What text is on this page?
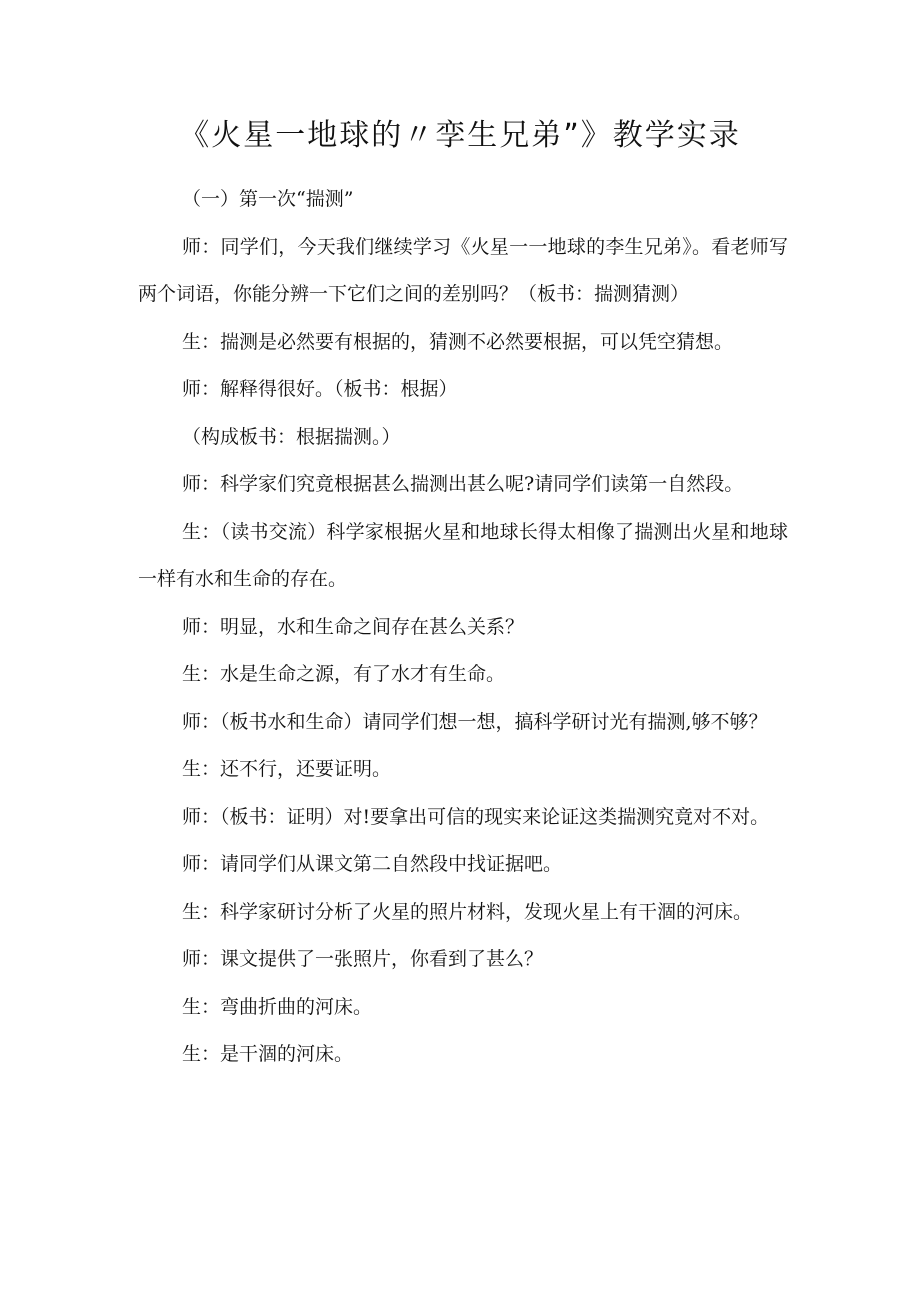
《火星一地球的〃孪生兄弟”》教学实录

（一）第一次“揣测”

师：同学们，今天我们继续学习《火星一一地球的李生兄弟》。看老师写两个词语，你能分辨一下它们之间的差别吗？（板书：揣测猜测）

生：揣测是必然要有根据的，猜测不必然要根据，可以凭空猜想。

师：解释得很好。（板书：根据）

（构成板书：根据揣测。）

师：科学家们究竟根据甚么揣测出甚么呢?请同学们读第一自然段。

生：（读书交流）科学家根据火星和地球长得太相像了揣测出火星和地球一样有水和生命的存在。

师：明显，水和生命之间存在甚么关系？

生：水是生命之源，有了水才有生命。

师：（板书水和生命）请同学们想一想，搞科学研讨光有揣测,够不够？

生：还不行，还要证明。

师：（板书：证明）对!要拿出可信的现实来论证这类揣测究竟对不对。

师：请同学们从课文第二自然段中找证据吧。

生：科学家研讨分析了火星的照片材料，发现火星上有干涸的河床。

师：课文提供了一张照片，你看到了甚么？

生：弯曲折曲的河床。

生：是干涸的河床。
